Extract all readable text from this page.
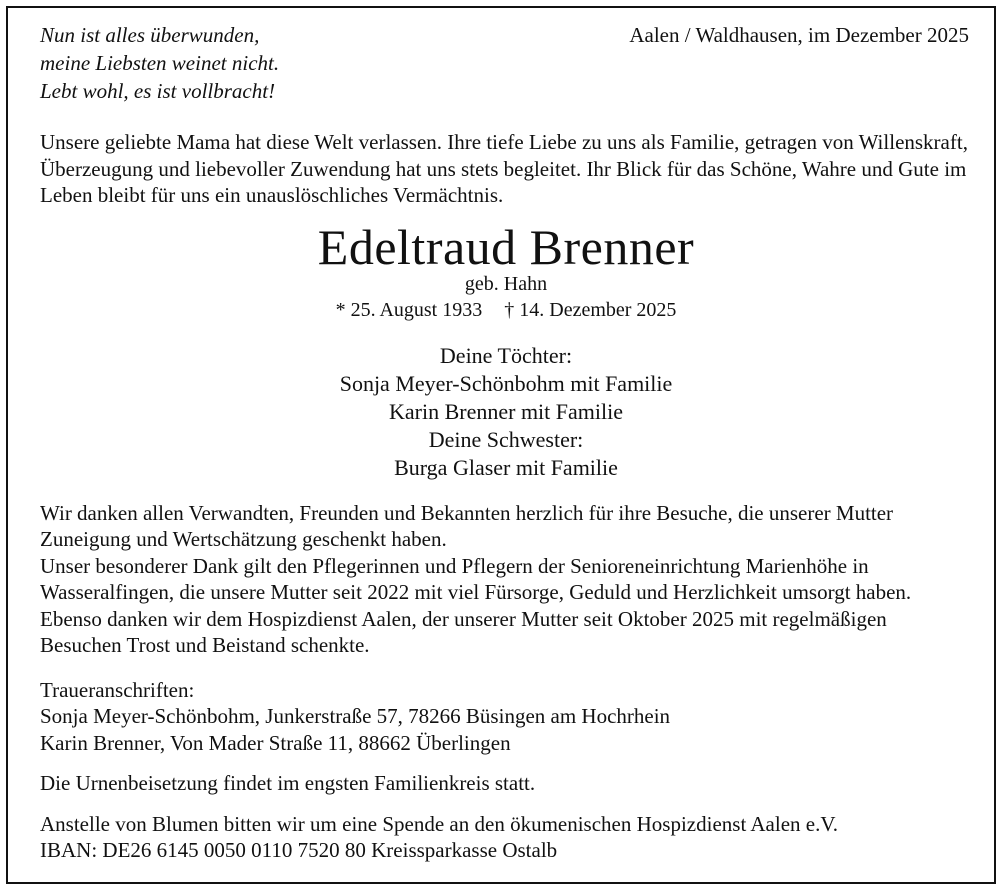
Nun ist alles überwunden,
meine Liebsten weinet nicht.
Lebt wohl, es ist vollbracht!
Aalen / Waldhausen, im Dezember 2025
Unsere geliebte Mama hat diese Welt verlassen. Ihre tiefe Liebe zu uns als Familie, getragen von Willenskraft, Überzeugung und liebevoller Zuwendung hat uns stets begleitet. Ihr Blick für das Schöne, Wahre und Gute im Leben bleibt für uns ein unauslöschliches Vermächtnis.
Edeltraud Brenner
geb. Hahn
* 25. August 1933 † 14. Dezember 2025
Deine Töchter:
Sonja Meyer-Schönbohm mit Familie
Karin Brenner mit Familie
Deine Schwester:
Burga Glaser mit Familie
Wir danken allen Verwandten, Freunden und Bekannten herzlich für ihre Besuche, die unserer Mutter Zuneigung und Wertschätzung geschenkt haben.
Unser besonderer Dank gilt den Pflegerinnen und Pflegern der Senioreneinrichtung Marienhöhe in Wasseralfingen, die unsere Mutter seit 2022 mit viel Fürsorge, Geduld und Herzlichkeit umsorgt haben. Ebenso danken wir dem Hospizdienst Aalen, der unserer Mutter seit Oktober 2025 mit regelmäßigen Besuchen Trost und Beistand schenkte.
Traueranschriften:
Sonja Meyer-Schönbohm, Junkerstraße 57, 78266 Büsingen am Hochrhein
Karin Brenner, Von Mader Straße 11, 88662 Überlingen
Die Urnenbeisetzung findet im engsten Familienkreis statt.
Anstelle von Blumen bitten wir um eine Spende an den ökumenischen Hospizdienst Aalen e.V.
IBAN: DE26 6145 0050 0110 7520 80 Kreissparkasse Ostalb
